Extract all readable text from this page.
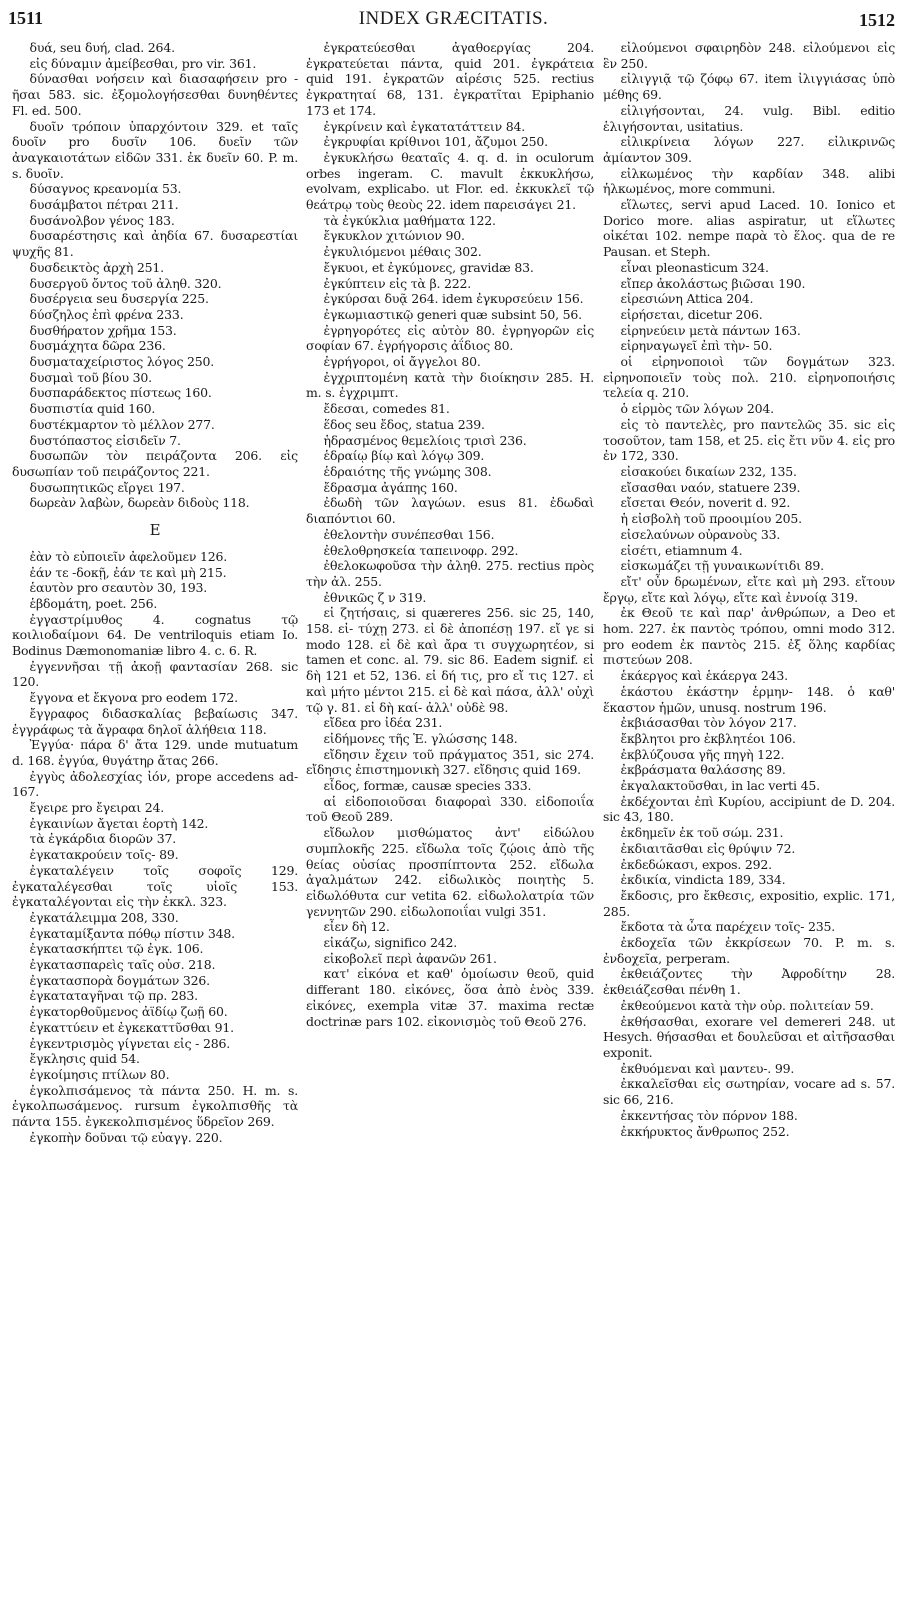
1511	INDEX GRÆCITATIS.	1512

δυά, seu δυή, clad. 264.

εἰς δύναμιν ἀμείβεσθαι, pro vir. 361.

δύνασθαι νοήσειν καὶ διασαφήσειν pro - ῆσαι 583. sic. ἐξομολογήσεσθαι δυνηθέντες Fl. ed. 500.

δυοῖν τρόποιν ὑπαρχόντοιν 329. et ταῖς δυοῖν pro δυσῖν 106. δυεῖν τῶν ἀναγκαιοτάτων εἰδῶν 331. ἐκ δυεῖν 60. P. m. s. δυοῖν.

δύσαγνος κρεανομία 53.

δυσάμβατοι πέτραι 211.

δυσάνολβον γένος 183.

δυσαρέστησις καὶ ἀηδία 67. δυσαρεστίαι ψυχῆς 81.

δυσδεικτὸς ἀρχὴ 251.

δυσεργοῦ ὄντος τοῦ ἀληθ. 320.

δυσέργεια seu δυσεργία 225.

δύσζηλος ἐπὶ φρένα 233.

δυσθήρατον χρῆμα 153.

δυσμάχητα δῶρα 236.

δυσματαχείριστος λόγος 250.

δυσμαὶ τοῦ βίου 30.

δυσπαράδεκτος πίστεως 160.

δυσπιστία quid 160.

δυστέκμαρτον τὸ μέλλον 277.

δυστόπαστος εἰσιδεῖν 7.

δυσωπῶν τὸν πειράζοντα 206. εἰς δυσωπίαν τοῦ πειράζοντος 221.

δυσωπητικῶς εἴργει 197.

δωρεὰν λαβὼν, δωρεὰν διδοὺς 118.

E

ἐὰν τὸ εὐποιεῖν ἀφελοῦμεν 126.

ἐάν τε -δοκῇ, ἐάν τε καὶ μὴ 215.

ἑαυτὸν pro σεαυτὸν 30, 193.

ἑβδομάτη, poet. 256.

ἐγγαστρίμυθος 4. cognatus τῷ κοιλιοδαίμονι 64. De ventriloquis etiam Io. Bodinus Dæmonomaniæ libro 4. c. 6. R.

ἐγγεννῆσαι τῇ ἀκοῇ φαντασίαν 268. sic 120.

ἔγγονα et ἔκγονα pro eodem 172.

ἔγγραφος διδασκαλίας βεβαίωσις 347. ἐγγράφως τὰ ἄγραφα δηλοῖ ἀλήθεια 118.

Ἐγγύα· πάρα δ' ἄτα 129. unde mutuatum d. 168. ἐγγύα, θυγάτηρ ἄτας 266.

ἐγγὺς ἀδολεσχίας ἰόν, prope accedens ad- 167.

ἔγειρε pro ἔγειραι 24.

ἐγκαινίων ἄγεται ἑορτὴ 142.

τὰ ἐγκάρδια διορῶν 37.

ἐγκατακρούειν τοῖς- 89.

ἐγκαταλέγειν τοῖς σοφοῖς 129. ἐγκαταλέγεσθαι τοῖς υἱοῖς 153. ἐγκαταλέγονται εἰς τὴν ἐκκλ. 323.

ἐγκατάλειμμα 208, 330.

ἐγκαταμίξαντα πόθῳ πίστιν 348.

ἐγκατασκήπτει τῷ ἐγκ. 106.

ἐγκατασπαρεὶς ταῖς οὐσ. 218.

ἐγκατασπορὰ δογμάτων 326.

ἐγκαταταγῆναι τῷ πρ. 283.

ἐγκατορθοῦμενος ἀϊδίῳ ζωῇ 60.

ἐγκαττύειν et ἐγκεκαττῦσθαι 91.

ἐγκεντρισμὸς γίγνεται εἰς - 286.

ἔγκλησις quid 54.

ἐγκοίμησις πτίλων 80.

ἐγκολπισάμενος τὰ πάντα 250. H. m. s. ἐγκολπωσάμενος. rursum ἐγκολπισθῆς τὰ πάντα 155. ἐγκεκολπισμένος ὕδρεῖον 269.

ἐγκοπὴν δοῦναι τῷ εὐαγγ. 220.

ἐγκρατεύεσθαι ἀγαθοεργίας 204. ἐγκρατεύεται πάντα, quid 201. ἐγκράτεια quid 191. ἐγκρατῶν αἱρέσις 525. rectius ἐγκρατηταί 68, 131. ἐγκρατῖται Epiphanio 173 et 174.

ἐγκρίνειν καὶ ἐγκατατάττειν 84.

ἐγκρυφίαι κρίθινοι 101, ἄζυμοι 250.

ἐγκυκλήσω θεαταῖς 4. q. d. in oculorum orbes ingeram. C. mavult ἐκκυκλήσω, evolvam, explicabo. ut Flor. ed. ἐκκυκλεῖ τῷ θεάτρῳ τοὺς θεοὺς 22. idem παρεισάγει 21.

τὰ ἐγκύκλια μαθήματα 122.

ἔγκυκλον χιτώνιον 90.

ἐγκυλιόμενοι μέθαις 302.

ἔγκυοι, et ἐγκύμονες, gravidæ 83.

ἐγκύπτειν εἰς τὰ β. 222.

ἐγκύρσαι δυᾷ 264. idem ἐγκυρσεύειν 156.

ἐγκωμιαστικῷ generi quæ subsint 50, 56.

ἐγρηγορότες εἰς αὐτὸν 80. ἐγρηγορῶν εἰς σοφίαν 67. ἐγρήγορσις ἀΐδιος 80.

ἐγρήγοροι, οἱ ἄγγελοι 80.

ἐγχριπτομένη κατὰ τὴν διοίκησιν 285. H. m. s. ἐγχριμπτ.

ἔδεσαι, comedes 81.

ἕδος seu ἔδος, statua 239.

ἡδρασμένος θεμελίοις τρισὶ 236.

ἑδραίῳ βίῳ καὶ λόγῳ 309.

ἑδραιότης τῆς γνώμης 308.

ἔδρασμα ἀγάπης 160.

ἐδωδὴ τῶν λαγώων. esus 81. ἐδωδαὶ διαπόντιοι 60.

ἐθελοντὴν συνέπεσθαι 156.

ἐθελοθρησκεία ταπεινοφρ. 292.

ἐθελοκωφοῦσα τὴν ἀληθ. 275. rectius πρὸς τὴν ἀλ. 255.

ἐθνικῶς ζ ν 319.

εἰ ζητήσαις, si quæreres 256. sic 25, 140, 158. εἰ- τύχῃ 273. εἰ δὲ ἀποπέσῃ 197. εἴ γε si modo 128. εἰ δὲ καὶ ἄρα τι συγχωρητέον, si tamen et conc. al. 79. sic 86. Eadem signif. εἰ δὴ 121 et 52, 136. εἰ δή τις, pro εἴ τις 127. εἰ καὶ μήτο μέντοι 215. εἰ δὲ καὶ πάσα, ἀλλ' οὐχὶ τῷ γ. 81. εἰ δὴ καί- ἀλλ' οὐδὲ 98.

εἴδεα pro ἰδέα 231.

εἰδήμονες τῆς Ἑ. γλώσσης 148.

εἴδησιν ἔχειν τοῦ πράγματος 351, sic 274. εἴδησις ἐπιστημονικὴ 327. εἴδησις quid 169.

εἶδος, formæ, causæ species 333.

αἱ εἰδοποιοῦσαι διαφοραὶ 330. εἰδοποιΐα τοῦ Θεοῦ 289.

εἴδωλον μισθώματος ἀντ' εἰδώλου συμπλοκῆς 225. εἴδωλα τοῖς ζῴοις ἀπὸ τῆς θείας οὐσίας προσπίπτοντα 252. εἴδωλα ἀγαλμάτων 242. εἰδωλικὸς ποιητὴς 5. εἰδωλόθυτα cur vetita 62. εἰδωλολατρία τῶν γεννητῶν 290. εἰδωλοποιΐαι vulgi 351.

εἶεν δὴ 12.

εἰκάζω, significo 242.

εἰκοβολεῖ περὶ ἀφανῶν 261.

κατ' εἰκόνα et καθ' ὁμοίωσιν θεοῦ, quid differant 180. εἰκόνες, ὅσα ἀπὸ ἑνὸς 339. εἰκόνες, exempla vitæ 37. maxima rectæ doctrinæ pars 102. εἰκονισμὸς τοῦ Θεοῦ 276.

εἰλούμενοι σφαιρηδὸν 248. εἰλούμενοι εἰς ἓν 250.

εἰλιγγιᾷ τῷ ζόφῳ 67. item ἰλιγγιάσας ὑπὸ μέθης 69.

εἰλιγήσονται, 24. vulg. Bibl. editio ἑλιγήσονται, usitatius.

εἰλικρίνεια λόγων 227. εἰλικρινῶς ἀμίαντον 309.

εἰλκωμένος τὴν καρδίαν 348. alibi ἡλκωμένος, more communi.

εἵλωτες, servi apud Laced. 10. Ionico et Dorico more. alias aspiratur, ut εἵλωτες οἰκέται 102. nempe παρὰ τὸ ἕλος. qua de re Pausan. et Steph.

εἶναι pleonasticum 324.

εἴπερ ἀκολάστως βιῶσαι 190.

εἰρεσιώνη Attica 204.

εἰρήσεται, dicetur 206.

εἰρηνεύειν μετὰ πάντων 163.

εἰρηναγωγεῖ ἐπὶ τὴν- 50.

οἱ εἰρηνοποιοὶ τῶν δογμάτων 323. εἰρηνοποιεῖν τοὺς πολ. 210. εἰρηνοποιήσις τελεία q. 210.

ὁ εἱρμὸς τῶν λόγων 204.

εἰς τὸ παντελὲς, pro παντελῶς 35. sic εἰς τοσοῦτον, tam 158, et 25. εἰς ἔτι νῦν 4. εἰς pro ἐν 172, 330.

εἰσακούει δικαίων 232, 135.

εἴσασθαι ναόν, statuere 239.

εἴσεται Θεόν, noverit d. 92.

ἡ εἰσβολὴ τοῦ προοιμίου 205.

εἰσελαύνων οὐρανοὺς 33.

εἰσέτι, etiamnum 4.

εἰσκωμάζει τῇ γυναικωνίτιδι 89.

εἴτ' οὖν δρωμένων, εἴτε καὶ μὴ 293. εἴτουν ἔργῳ, εἴτε καὶ λόγῳ, εἴτε καὶ ἐννοίᾳ 319.

ἐκ Θεοῦ τε καὶ παρ' ἀνθρώπων, a Deo et hom. 227. ἐκ παντὸς τρόπου, omni modo 312. pro eodem ἐκ παντὸς 215. ἐξ ὅλης καρδίας πιστεύων 208.

ἑκάεργος καὶ ἑκάεργα 243.

ἑκάστου ἑκάστην ἑρμην- 148. ὁ καθ' ἕκαστον ἡμῶν, unusq. nostrum 196.

ἐκβιάσασθαι τὸν λόγον 217.

ἔκβλητοι pro ἐκβλητέοι 106.

ἐκβλύζουσα γῆς πηγὴ 122.

ἐκβράσματα θαλάσσης 89.

ἐκγαλακτοῦσθαι, in lac verti 45.

ἐκδέχονται ἐπὶ Κυρίου, accipiunt de D. 204. sic 43, 180.

ἐκδημεῖν ἐκ τοῦ σώμ. 231.

ἐκδιαιτᾶσθαι εἰς θρύψιν 72.

ἐκδεδώκασι, expos. 292.

ἐκδικία, vindicta 189, 334.

ἔκδοσις, pro ἔκθεσις, expositio, explic. 171, 285.

ἔκδοτα τὰ ὦτα παρέχειν τοῖς- 235.

ἐκδοχεῖα τῶν ἐκκρίσεων 70. P. m. s. ἐνδοχεῖα, perperam.

ἐκθειάζοντες τὴν Ἀφροδίτην 28. ἐκθειάζεσθαι πένθη 1.

ἐκθεούμενοι κατὰ τὴν οὐρ. πολιτείαν 59.

ἐκθήσασθαι, exorare vel demereri 248. ut Hesych. θήσασθαι et δουλεῦσαι et αἰτῆσασθαι exponit.

ἐκθυόμεναι καὶ μαντευ-. 99.

ἐκκαλεῖσθαι εἰς σωτηρίαν, vocare ad s. 57. sic 66, 216.

ἐκκεντήσας τὸν πόρνον 188.

ἐκκήρυκτος ἄνθρωπος 252.
